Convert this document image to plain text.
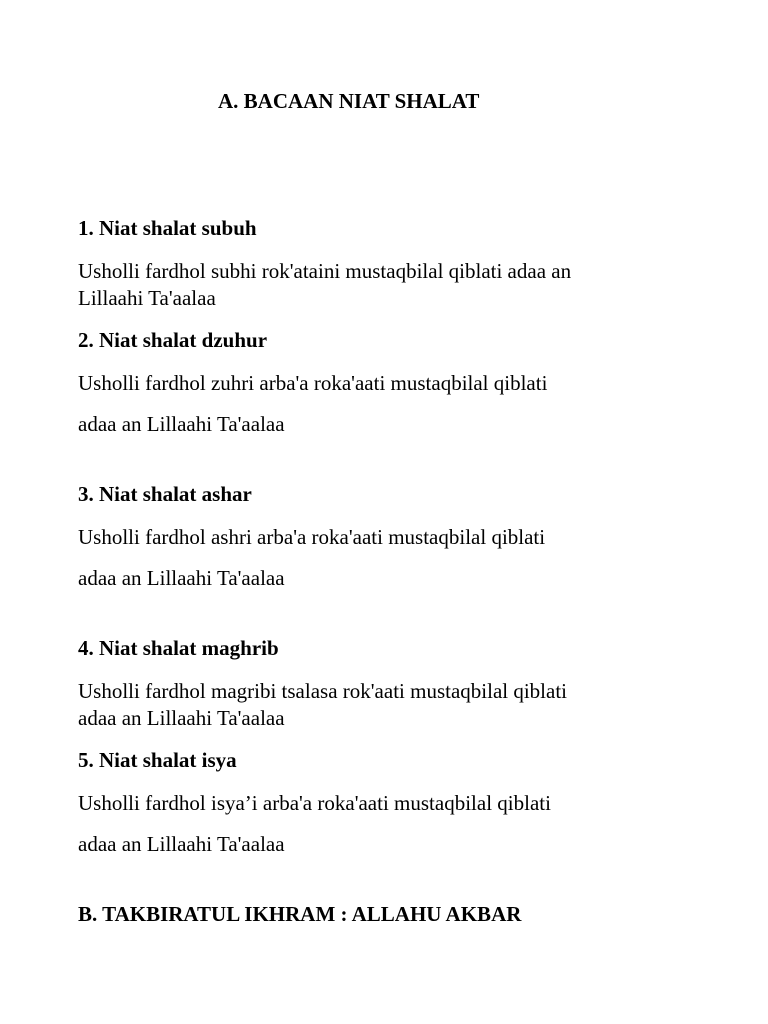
A. BACAAN NIAT SHALAT
1. Niat shalat subuh
Usholli fardhol subhi rok'ataini mustaqbilal qiblati adaa an
Lillaahi Ta'aalaa
2. Niat shalat dzuhur
Usholli fardhol zuhri arba'a roka'aati mustaqbilal qiblati
adaa an Lillaahi Ta'aalaa
3. Niat shalat ashar
Usholli fardhol ashri arba'a roka'aati mustaqbilal qiblati
adaa an Lillaahi Ta'aalaa
4. Niat shalat maghrib
Usholli fardhol magribi tsalasa rok'aati mustaqbilal qiblati
adaa an Lillaahi Ta'aalaa
5. Niat shalat isya
Usholli fardhol isya’i arba'a roka'aati mustaqbilal qiblati
adaa an Lillaahi Ta'aalaa
B. TAKBIRATUL IKHRAM : ALLAHU AKBAR
